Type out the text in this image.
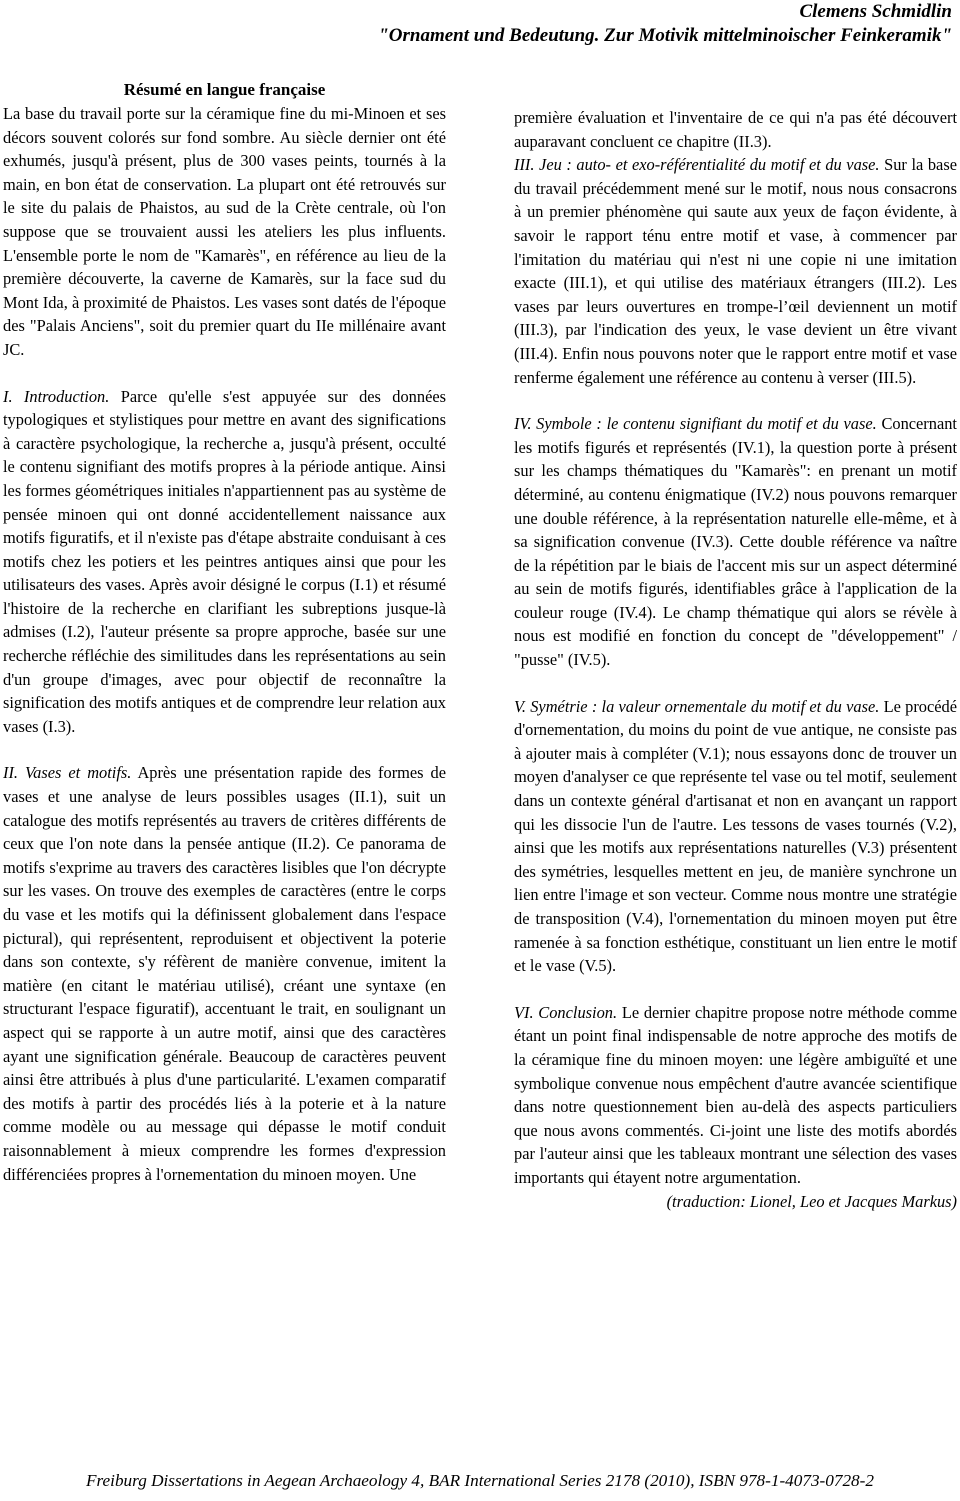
Clemens Schmidlin
"Ornament und Bedeutung. Zur Motivik mittelminoischer Feinkeramik"
Résumé en langue française

La base du travail porte sur la céramique fine du mi-Minoen et ses décors souvent colorés sur fond sombre. Au siècle dernier ont été exhumés, jusqu'à présent, plus de 300 vases peints, tournés à la main, en bon état de conservation. La plupart ont été retrouvés sur le site du palais de Phaistos, au sud de la Crète centrale, où l'on suppose que se trouvaient aussi les ateliers les plus influents. L'ensemble porte le nom de "Kamarès", en référence au lieu de la première découverte, la caverne de Kamarès, sur la face sud du Mont Ida, à proximité de Phaistos. Les vases sont datés de l'époque des "Palais Anciens", soit du premier quart du IIe millénaire avant JC.

I. Introduction. Parce qu'elle s'est appuyée sur des données typologiques et stylistiques pour mettre en avant des significations à caractère psychologique, la recherche a, jusqu'à présent, occulté le contenu signifiant des motifs propres à la période antique. Ainsi les formes géométriques initiales n'appartiennent pas au système de pensée minoen qui ont donné accidentellement naissance aux motifs figuratifs, et il n'existe pas d'étape abstraite conduisant à ces motifs chez les potiers et les peintres antiques ainsi que pour les utilisateurs des vases. Après avoir désigné le corpus (I.1) et résumé l'histoire de la recherche en clarifiant les subreptions jusque-là admises (I.2), l'auteur présente sa propre approche, basée sur une recherche réfléchie des similitudes dans les représentations au sein d'un groupe d'images, avec pour objectif de reconnaître la signification des motifs antiques et de comprendre leur relation aux vases (I.3).

II. Vases et motifs. Après une présentation rapide des formes de vases et une analyse de leurs possibles usages (II.1), suit un catalogue des motifs représentés au travers de critères différents de ceux que l'on note dans la pensée antique (II.2). Ce panorama de motifs s'exprime au travers des caractères lisibles que l'on décrypte sur les vases. On trouve des exemples de caractères (entre le corps du vase et les motifs qui la définissent globalement dans l'espace pictural), qui représentent, reproduisent et objectivent la poterie dans son contexte, s'y réfèrent de manière convenue, imitent la matière (en citant le matériau utilisé), créant une syntaxe (en structurant l'espace figuratif), accentuant le trait, en soulignant un aspect qui se rapporte à un autre motif, ainsi que des caractères ayant une signification générale. Beaucoup de caractères peuvent ainsi être attribués à plus d'une particularité. L'examen comparatif des motifs à partir des procédés liés à la poterie et à la nature comme modèle ou au message qui dépasse le motif conduit raisonnablement à mieux comprendre les formes d'expression différenciées propres à l'ornementation du minoen moyen. Une

première évaluation et l'inventaire de ce qui n'a pas été découvert auparavant concluent ce chapitre (II.3).

III. Jeu : auto- et exo-référentialité du motif et du vase. Sur la base du travail précédemment mené sur le motif, nous nous consacrons à un premier phénomène qui saute aux yeux de façon évidente, à savoir le rapport ténu entre motif et vase, à commencer par l'imitation du matériau qui n'est ni une copie ni une imitation exacte (III.1), et qui utilise des matériaux étrangers (III.2). Les vases par leurs ouvertures en trompe-l’œil deviennent un motif (III.3), par l'indication des yeux, le vase devient un être vivant (III.4). Enfin nous pouvons noter que le rapport entre motif et vase renferme également une référence au contenu à verser (III.5).

IV. Symbole : le contenu signifiant du motif et du vase. Concernant les motifs figurés et représentés (IV.1), la question porte à présent sur les champs thématiques du "Kamarès": en prenant un motif déterminé, au contenu énigmatique (IV.2) nous pouvons remarquer une double référence, à la représentation naturelle elle-même, et à sa signification convenue (IV.3). Cette double référence va naître de la répétition par le biais de l'accent mis sur un aspect déterminé au sein de motifs figurés, identifiables grâce à l'application de la couleur rouge (IV.4). Le champ thématique qui alors se révèle à nous est modifié en fonction du concept de "développement" / "pusse" (IV.5).

V. Symétrie : la valeur ornementale du motif et du vase. Le procédé d'ornementation, du moins du point de vue antique, ne consiste pas à ajouter mais à compléter (V.1); nous essayons donc de trouver un moyen d'analyser ce que représente tel vase ou tel motif, seulement dans un contexte général d'artisanat et non en avançant un rapport qui les dissocie l'un de l'autre. Les tessons de vases tournés (V.2), ainsi que les motifs aux représentations naturelles (V.3) présentent des symétries, lesquelles mettent en jeu, de manière synchrone un lien entre l'image et son vecteur. Comme nous montre une stratégie de transposition (V.4), l'ornementation du minoen moyen put être ramenée à sa fonction esthétique, constituant un lien entre le motif et le vase (V.5).

VI. Conclusion. Le dernier chapitre propose notre méthode comme étant un point final indispensable de notre approche des motifs de la céramique fine du minoen moyen: une légère ambiguïté et une symbolique convenue nous empêchent d'autre avancée scientifique dans notre questionnement bien au-delà des aspects particuliers que nous avons commentés. Ci-joint une liste des motifs abordés par l'auteur ainsi que les tableaux montrant une sélection des vases importants qui étayent notre argumentation.

(traduction: Lionel, Leo et Jacques Markus)
Freiburg Dissertations in Aegean Archaeology 4, BAR International Series 2178 (2010), ISBN 978-1-4073-0728-2
